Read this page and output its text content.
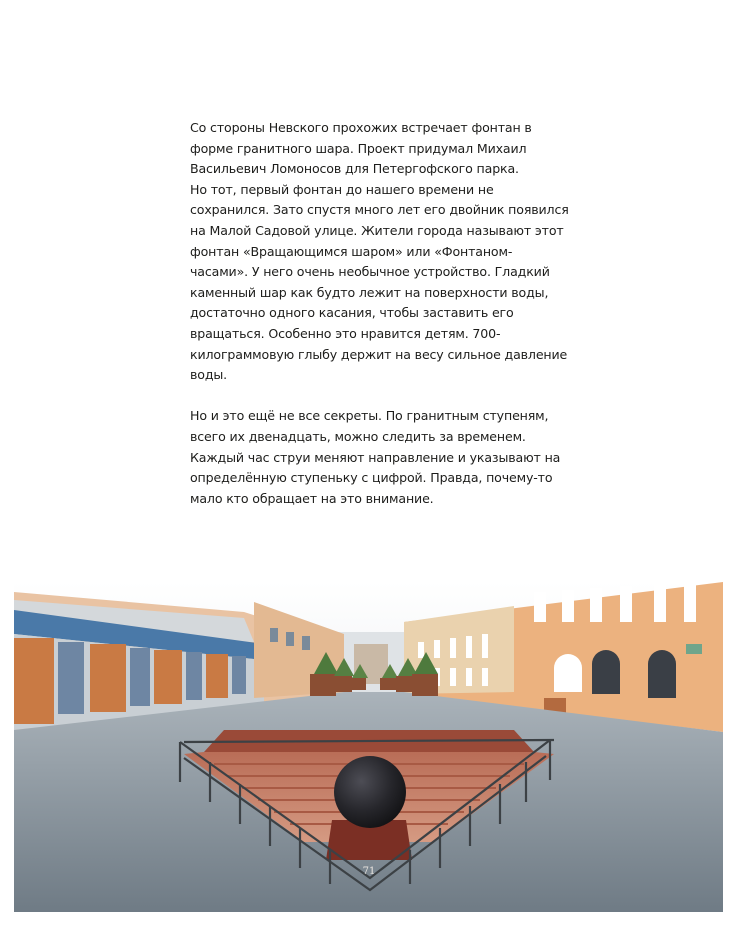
Со стороны Невского прохожих встречает фонтан в
форме гранитного шара. Проект придумал Михаил
Васильевич Ломоносов для Петергофского парка.
Но тот, первый фонтан до нашего времени не
сохранился. Зато спустя много лет его двойник появился
на Малой Садовой улице. Жители города называют этот
фонтан «Вращающимся шаром» или «Фонтаном-
часами». У него очень необычное устройство. Гладкий
каменный шар как будто лежит на поверхности воды,
достаточно одного касания, чтобы заставить его
вращаться. Особенно это нравится детям. 700-
килограммовую глыбу держит на весу сильное давление
воды.
Но и это ещё не все секреты. По гранитным ступеням,
всего их двенадцать, можно следить за временем.
Каждый час струи меняют направление и указывают на
определённую ступеньку с цифрой. Правда, почему-то
мало кто обращает на это внимание.
71
